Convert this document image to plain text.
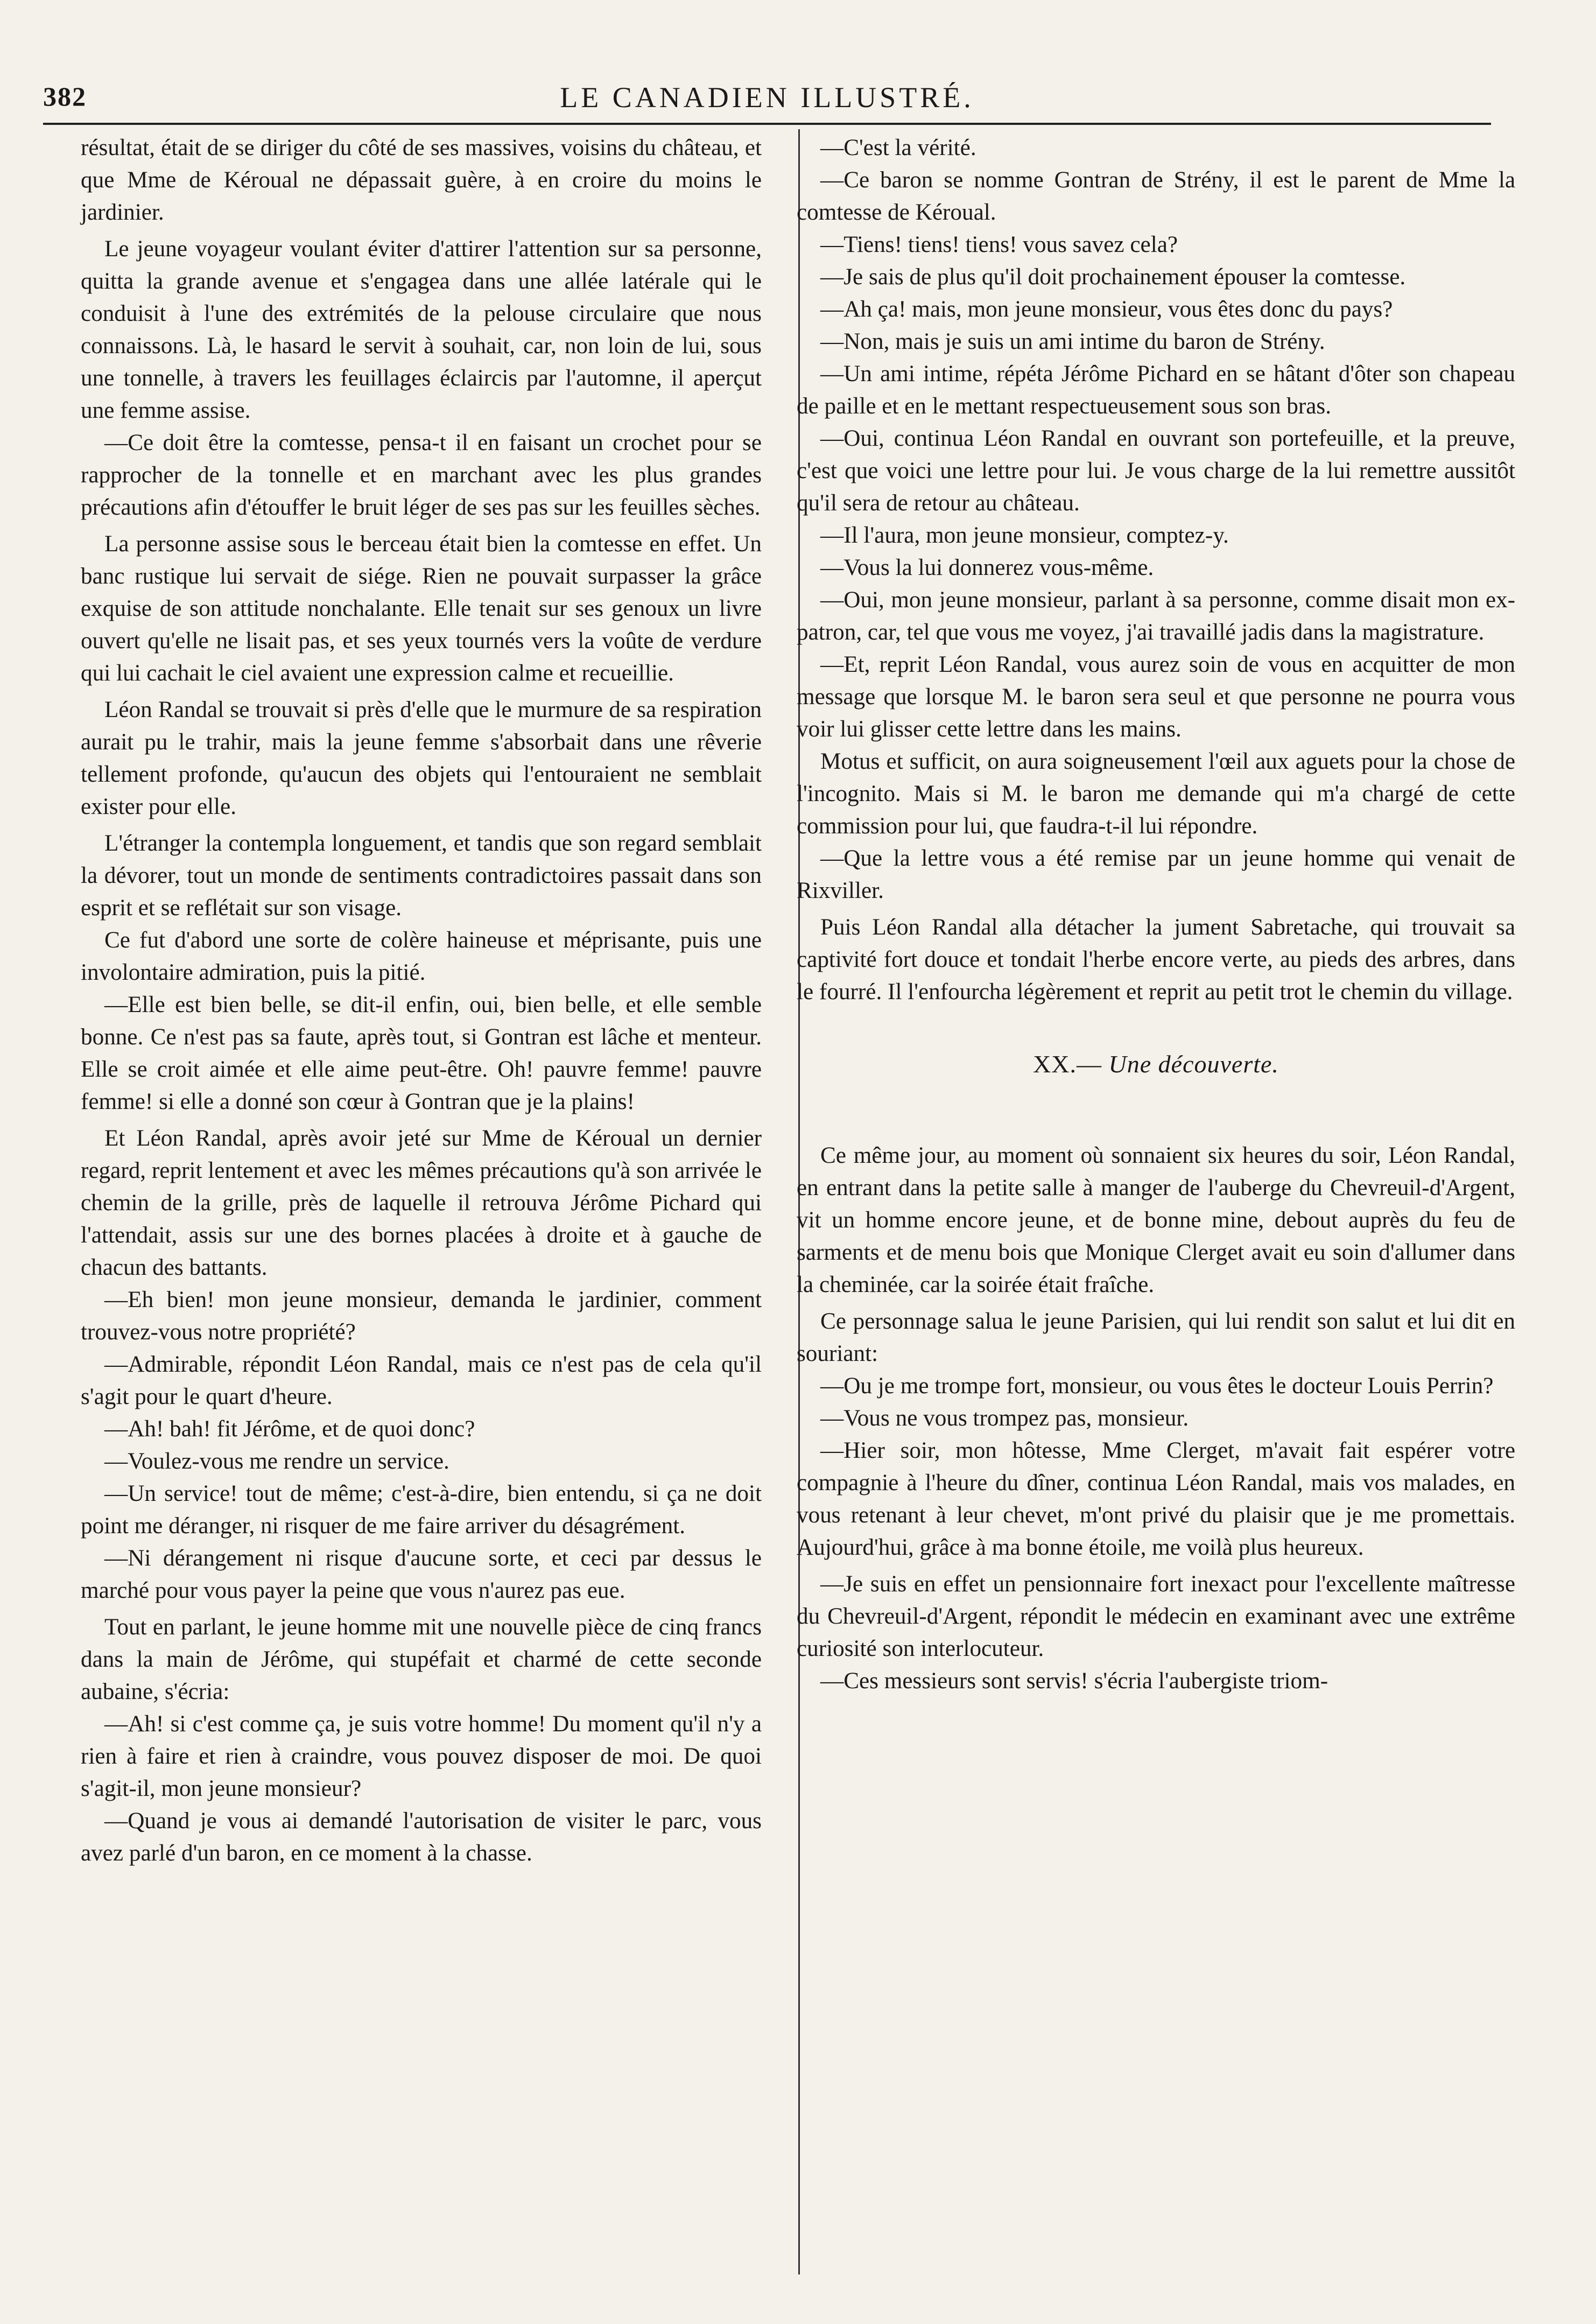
382	LE CANADIEN ILLUSTRÉ.

résultat, était de se diriger du côté de ses massives, voisins du château, et que Mme de Kéroual ne dépassait guère, à en croire du moins le jardinier.

Le jeune voyageur voulant éviter d'attirer l'attention sur sa personne, quitta la grande avenue et s'engagea dans une allée latérale qui le conduisit à l'une des extrémités de la pelouse circulaire que nous connaissons. Là, le hasard le servit à souhait, car, non loin de lui, sous une tonnelle, à travers les feuillages éclaircis par l'automne, il aperçut une femme assise.

—Ce doit être la comtesse, pensa-t il en faisant un crochet pour se rapprocher de la tonnelle et en marchant avec les plus grandes précautions afin d'étouffer le bruit léger de ses pas sur les feuilles sèches.

La personne assise sous le berceau était bien la comtesse en effet. Un banc rustique lui servait de siége. Rien ne pouvait surpasser la grâce exquise de son attitude nonchalante. Elle tenait sur ses genoux un livre ouvert qu'elle ne lisait pas, et ses yeux tournés vers la voûte de verdure qui lui cachait le ciel avaient une expression calme et recueillie.

Léon Randal se trouvait si près d'elle que le murmure de sa respiration aurait pu le trahir, mais la jeune femme s'absorbait dans une rêverie tellement profonde, qu'aucun des objets qui l'entouraient ne semblait exister pour elle.

L'étranger la contempla longuement, et tandis que son regard semblait la dévorer, tout un monde de sentiments contradictoires passait dans son esprit et se reflétait sur son visage.

Ce fut d'abord une sorte de colère haineuse et méprisante, puis une involontaire admiration, puis la pitié.

—Elle est bien belle, se dit-il enfin, oui, bien belle, et elle semble bonne. Ce n'est pas sa faute, après tout, si Gontran est lâche et menteur. Elle se croit aimée et elle aime peut-être. Oh! pauvre femme! pauvre femme! si elle a donné son cœur à Gontran que je la plains!

Et Léon Randal, après avoir jeté sur Mme de Kéroual un dernier regard, reprit lentement et avec les mêmes précautions qu'à son arrivée le chemin de la grille, près de laquelle il retrouva Jérôme Pichard qui l'attendait, assis sur une des bornes placées à droite et à gauche de chacun des battants.

—Eh bien! mon jeune monsieur, demanda le jardinier, comment trouvez-vous notre propriété?

—Admirable, répondit Léon Randal, mais ce n'est pas de cela qu'il s'agit pour le quart d'heure.

—Ah! bah! fit Jérôme, et de quoi donc?

—Voulez-vous me rendre un service.

—Un service! tout de même; c'est-à-dire, bien entendu, si ça ne doit point me déranger, ni risquer de me faire arriver du désagrément.

—Ni dérangement ni risque d'aucune sorte, et ceci par dessus le marché pour vous payer la peine que vous n'aurez pas eue.

Tout en parlant, le jeune homme mit une nouvelle pièce de cinq francs dans la main de Jérôme, qui stupéfait et charmé de cette seconde aubaine, s'écria:

—Ah! si c'est comme ça, je suis votre homme! Du moment qu'il n'y a rien à faire et rien à craindre, vous pouvez disposer de moi. De quoi s'agit-il, mon jeune monsieur?

—Quand je vous ai demandé l'autorisation de visiter le parc, vous avez parlé d'un baron, en ce moment à la chasse.

—C'est la vérité.

—Ce baron se nomme Gontran de Strény, il est le parent de Mme la comtesse de Kéroual.

—Tiens! tiens! tiens! vous savez cela?

—Je sais de plus qu'il doit prochainement épouser la comtesse.

—Ah ça! mais, mon jeune monsieur, vous êtes donc du pays?

—Non, mais je suis un ami intime du baron de Strény.

—Un ami intime, répéta Jérôme Pichard en se hâtant d'ôter son chapeau de paille et en le mettant respectueusement sous son bras.

—Oui, continua Léon Randal en ouvrant son portefeuille, et la preuve, c'est que voici une lettre pour lui. Je vous charge de la lui remettre aussitôt qu'il sera de retour au château.

—Il l'aura, mon jeune monsieur, comptez-y.

—Vous la lui donnerez vous-même.

—Oui, mon jeune monsieur, parlant à sa personne, comme disait mon ex-patron, car, tel que vous me voyez, j'ai travaillé jadis dans la magistrature.

—Et, reprit Léon Randal, vous aurez soin de vous en acquitter de mon message que lorsque M. le baron sera seul et que personne ne pourra vous voir lui glisser cette lettre dans les mains.

Motus et sufficit, on aura soigneusement l'œil aux aguets pour la chose de l'incognito. Mais si M. le baron me demande qui m'a chargé de cette commission pour lui, que faudra-t-il lui répondre.

—Que la lettre vous a été remise par un jeune homme qui venait de Rixviller.

Puis Léon Randal alla détacher la jument Sabretache, qui trouvait sa captivité fort douce et tondait l'herbe encore verte, au pieds des arbres, dans le fourré. Il l'enfourcha légèrement et reprit au petit trot le chemin du village.

XX.— Une découverte.

Ce même jour, au moment où sonnaient six heures du soir, Léon Randal, en entrant dans la petite salle à manger de l'auberge du Chevreuil-d'Argent, vit un homme encore jeune, et de bonne mine, debout auprès du feu de sarments et de menu bois que Monique Clerget avait eu soin d'allumer dans la cheminée, car la soirée était fraîche.

Ce personnage salua le jeune Parisien, qui lui rendit son salut et lui dit en souriant:

—Ou je me trompe fort, monsieur, ou vous êtes le docteur Louis Perrin?

—Vous ne vous trompez pas, monsieur.

—Hier soir, mon hôtesse, Mme Clerget, m'avait fait espérer votre compagnie à l'heure du dîner, continua Léon Randal, mais vos malades, en vous retenant à leur chevet, m'ont privé du plaisir que je me promettais. Aujourd'hui, grâce à ma bonne étoile, me voilà plus heureux.

—Je suis en effet un pensionnaire fort inexact pour l'excellente maîtresse du Chevreuil-d'Argent, répondit le médecin en examinant avec une extrême curiosité son interlocuteur.

—Ces messieurs sont servis! s'écria l'aubergiste triom-
